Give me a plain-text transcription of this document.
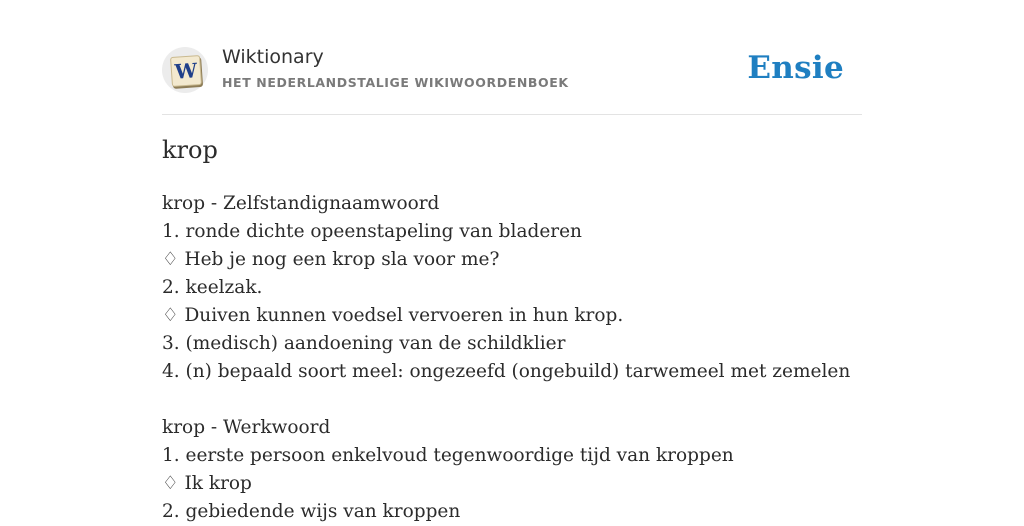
W
Wiktionary
HET NEDERLANDSTALIGE WIKIWOORDENBOEK	Ensie
krop
krop - Zelfstandignaamwoord
1. ronde dichte opeenstapeling van bladeren
♢ Heb je nog een krop sla voor me?
2. keelzak.
♢ Duiven kunnen voedsel vervoeren in hun krop.
3. (medisch) aandoening van de schildklier
4. (n) bepaald soort meel: ongezeefd (ongebuild) tarwemeel met zemelen
krop - Werkwoord
1. eerste persoon enkelvoud tegenwoordige tijd van kroppen
♢ Ik krop
2. gebiedende wijs van kroppen
